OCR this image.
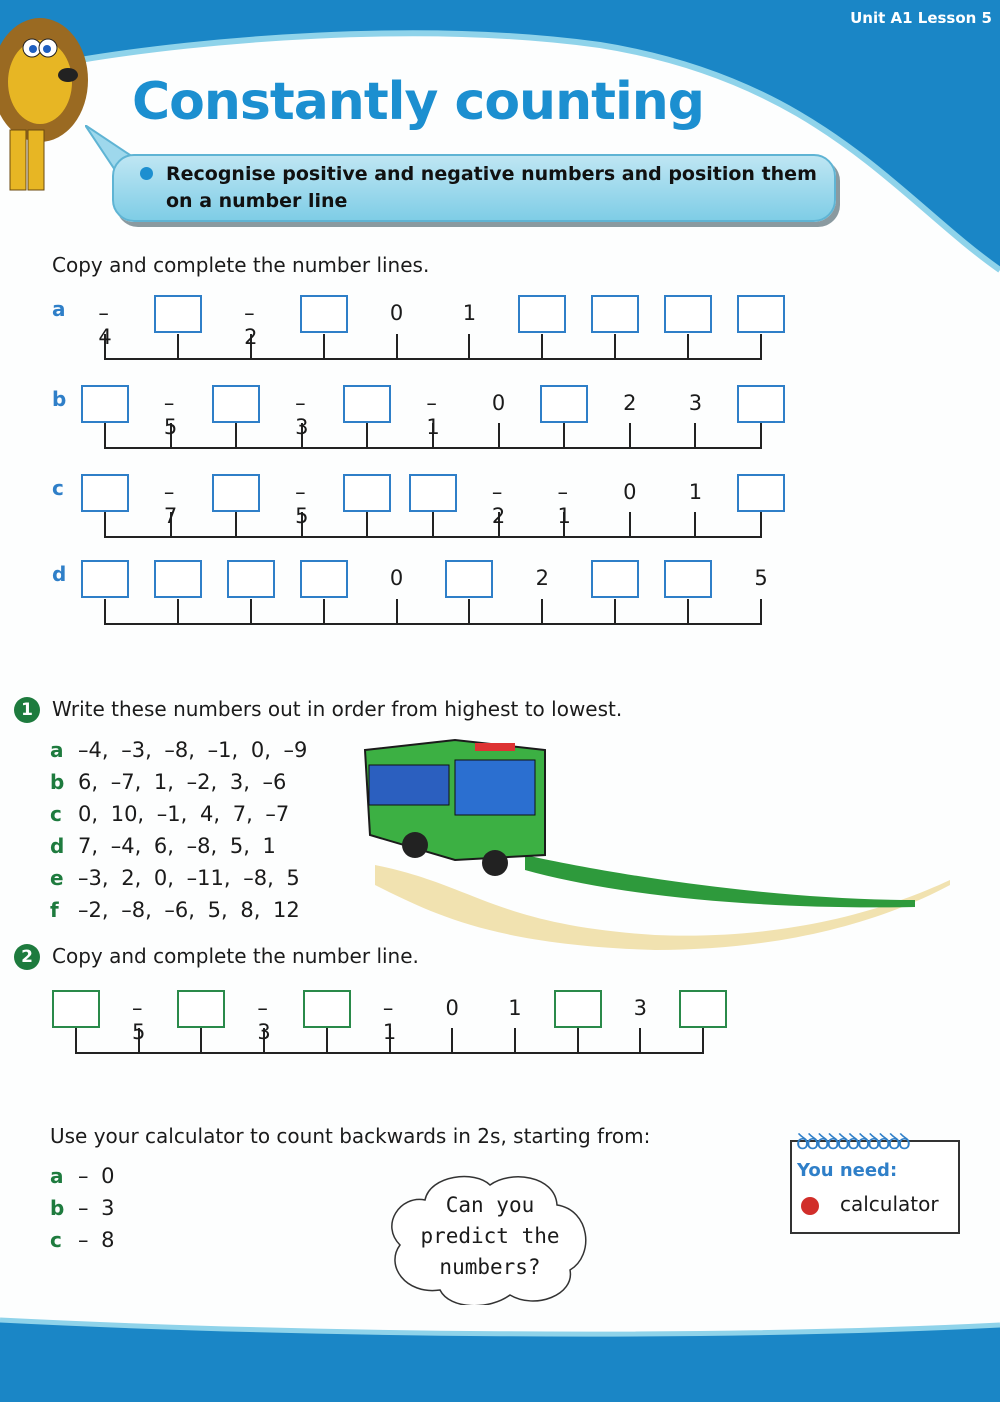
Unit A1 Lesson 5
Constantly counting
Recognise positive and negative numbers and position them on a number line
Copy and complete the number lines.
1 Write these numbers out in order from highest to lowest.
a –4, –3, –8, –1, 0, –9
b 6, –7, 1, –2, 3, –6
c 0, 10, –1, 4, 7, –7
d 7, –4, 6, –8, 5, 1
e –3, 2, 0, –11, –8, 5
f –2, –8, –6, 5, 8, 12
2 Copy and complete the number line.
Use your calculator to count backwards in 2s, starting from:
a – 0
b – 3
c – 8
Can you
predict the
numbers?
ꝺꝺꝺꝺꝺꝺꝺꝺꝺꝺꝺ
You need:
calculator
a –4
–2
0	1
b	–5
–3
–1
0	2 3
c	–7
–5
–2
–1
0 1
d	0	2	5
–5
–3
–1
0 1	3
